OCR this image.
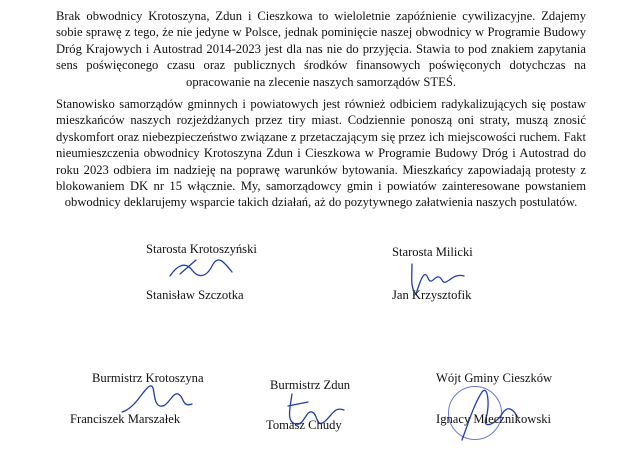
Brak obwodnicy Krotoszyna, Zdun i Cieszkowa to wieloletnie zapóźnienie cywilizacyjne. Zdajemy sobie sprawę z tego, że nie jedyne w Polsce, jednak pominięcie naszej obwodnicy w Programie Budowy Dróg Krajowych i Autostrad 2014-2023 jest dla nas nie do przyjęcia. Stawia to pod znakiem zapytania sens poświęconego czasu oraz publicznych środków finansowych poświęconych dotychczas na opracowanie na zlecenie naszych samorządów STEŚ.

Stanowisko samorządów gminnych i powiatowych jest również odbiciem radykalizujących się postaw mieszkańców naszych rozjeżdżanych przez tiry miast. Codziennie ponoszą oni straty, muszą znosić dyskomfort oraz niebezpieczeństwo związane z przetaczającym się przez ich miejscowości ruchem. Fakt nieumieszczenia obwodnicy Krotoszyna Zdun i Cieszkowa w Programie Budowy Dróg i Autostrad do roku 2023 odbiera im nadzieję na poprawę warunków bytowania. Mieszkańcy zapowiadają protesty z blokowaniem DK nr 15 włącznie. My, samorządowcy gmin i powiatów zainteresowane powstaniem obwodnicy deklarujemy wsparcie takich działań, aż do pozytywnego załatwienia naszych postulatów.

Starosta Krotoszyński
Stanisław Szczotka
Starosta Milicki
Jan Krzysztofik
Burmistrz Krotoszyna
Franciszek Marszałek
Burmistrz Zdun
Tomasz Chudy
Wójt Gminy Cieszków
Ignacy Miecznikowski
